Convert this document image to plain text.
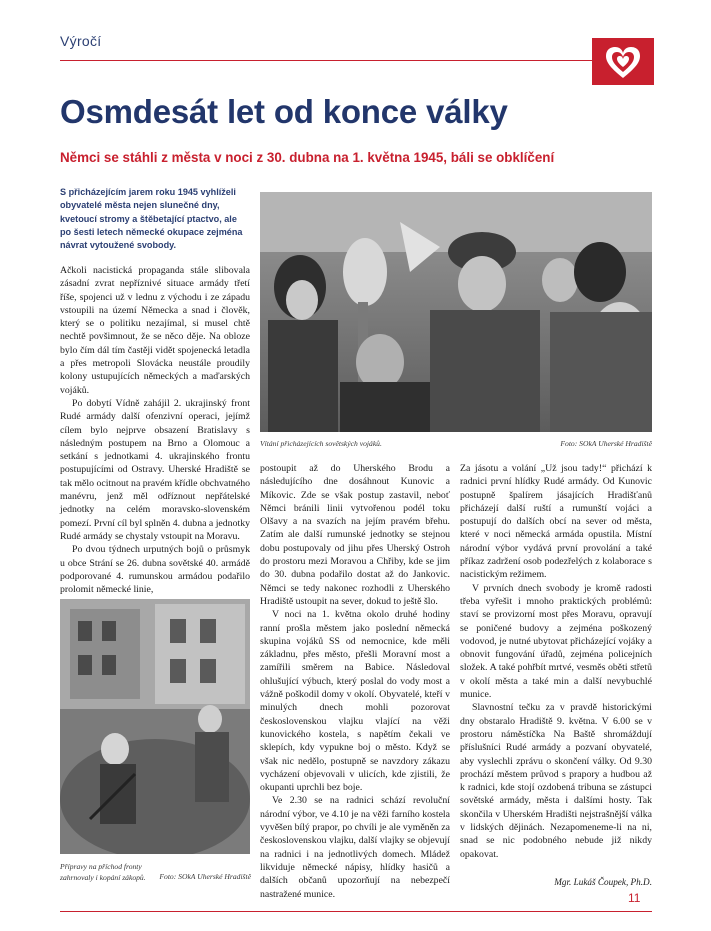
Výročí
Osmdesát let od konce války

Němci se stáhli z města v noci z 30. dubna na 1. května 1945, báli se obklíčení

S přicházejícím jarem roku 1945 vyhlíželi obyvatelé města nejen slunečné dny, kvetoucí stromy a štěbetající ptactvo, ale po šesti letech německé okupace zejména návrat vytoužené svobody.

Ačkoli nacistická propaganda stále slibovala zásadní zvrat nepříznivé situace armády třetí říše, spojenci už v lednu z východu i ze západu vstoupili na území Německa a snad i člověk, který se o politiku nezajímal, si musel chtě nechtě povšimnout, že se něco děje. Na obloze bylo čím dál tím častěji vidět spojenecká letadla a přes metropoli Slovácka neustále proudily kolony ustupujících německých a maďarských vojáků.

Po dobytí Vídně zahájil 2. ukrajinský front Rudé armády další ofenzivní operaci, jejímž cílem bylo nejprve obsazení Bratislavy s následným postupem na Brno a Olomouc a setkání s jednotkami 4. ukrajinského frontu postupujícími od Ostravy. Uherské Hradiště se tak mělo ocitnout na pravém křídle obchvatného manévru, jenž měl odříznout nepřátelské jednotky na celém moravsko-slovenském pomezí. První cíl byl splněn 4. dubna a jednotky Rudé armády se chystaly vstoupit na Moravu.

Po dvou týdnech urputných bojů o průsmyk u obce Strání se 26. dubna sovětské 40. armádě podporované 4. rumunskou armádou podařilo prolomit německé linie,

Vítání přicházejících sovětských vojáků.	Foto: SOkA Uherské Hradiště

postoupit až do Uherského Brodu a následujícího dne dosáhnout Kunovic a Míkovic. Zde se však postup zastavil, neboť Němci bránili linii vytvořenou podél toku Olšavy a na svazích na jejím pravém břehu. Zatím ale další rumunské jednotky se stejnou dobu postupovaly od jihu přes Uherský Ostroh do prostoru mezi Moravou a Chřiby, kde se jim do 30. dubna podařilo dostat až do Jankovic. Němci se tedy nakonec rozhodli z Uherského Hradiště ustoupit na sever, dokud to ještě šlo.

V noci na 1. května okolo druhé hodiny ranní prošla městem jako poslední německá skupina vojáků SS od nemocnice, kde měli základnu, přes město, přešli Moravní most a zamířili směrem na Babice. Následoval ohlušující výbuch, který poslal do vody most a vážně poškodil domy v okolí. Obyvatelé, kteří v minulých dnech mohli pozorovat československou vlajku vlající na věži kunovického kostela, s napětím čekali ve sklepích, kdy vypukne boj o město. Když se však nic nedělo, postupně se navzdory zákazu vycházení objevovali v ulicích, kde zjistili, že okupanti uprchli bez boje.

Ve 2.30 se na radnici schází revoluční národní výbor, ve 4.10 je na věži farního kostela vyvěšen bílý prapor, po chvíli je ale vyměněn za československou vlajku, další vlajky se objevují na radnici i na jednotlivých domech. Mládež likviduje německé nápisy, hlídky hasičů a dalších občanů upozorňují na nebezpečí nastražené munice.

Za jásotu a volání „Už jsou tady!“ přichází k radnici první hlídky Rudé armády. Od Kunovic postupně špalírem jásajících Hradišťanů přicházejí další ruští a rumunští vojáci a postupují do dalších obcí na sever od města, které v noci německá armáda opustila. Místní národní výbor vydává první provolání a také příkaz zadržení osob podezřelých z kolaborace s nacistickým režimem.

V prvních dnech svobody je kromě radosti třeba vyřešit i mnoho praktických problémů: staví se provizorní most přes Moravu, opravují se poničené budovy a zejména poškozený vodovod, je nutné ubytovat přicházející vojáky a obnovit fungování úřadů, zejména policejních složek. A také pohřbít mrtvé, vesměs oběti střetů v okolí města a také min a další nevybuchlé munice.

Slavnostní tečku za v pravdě historickými dny obstaralo Hradiště 9. května. V 6.00 se v prostoru náměstíčka Na Baště shromáždují příslušníci Rudé armády a pozvaní obyvatelé, aby vyslechli zprávu o skončení války. Od 9.30 prochází městem průvod s prapory a hudbou až k radnici, kde stojí ozdobená tribuna se zástupci sovětské armády, města i dalšími hosty. Tak skončila v Uherském Hradišti nejstrašnější válka v lidských dějinách. Nezapomeneme-li na ni, snad se nic podobného nebude již nikdy opakovat.

Přípravy na příchod fronty zahrnovaly i kopání zákopů.	Foto: SOkA Uherské Hradiště

Mgr. Lukáš Čoupek, Ph.D.

11
